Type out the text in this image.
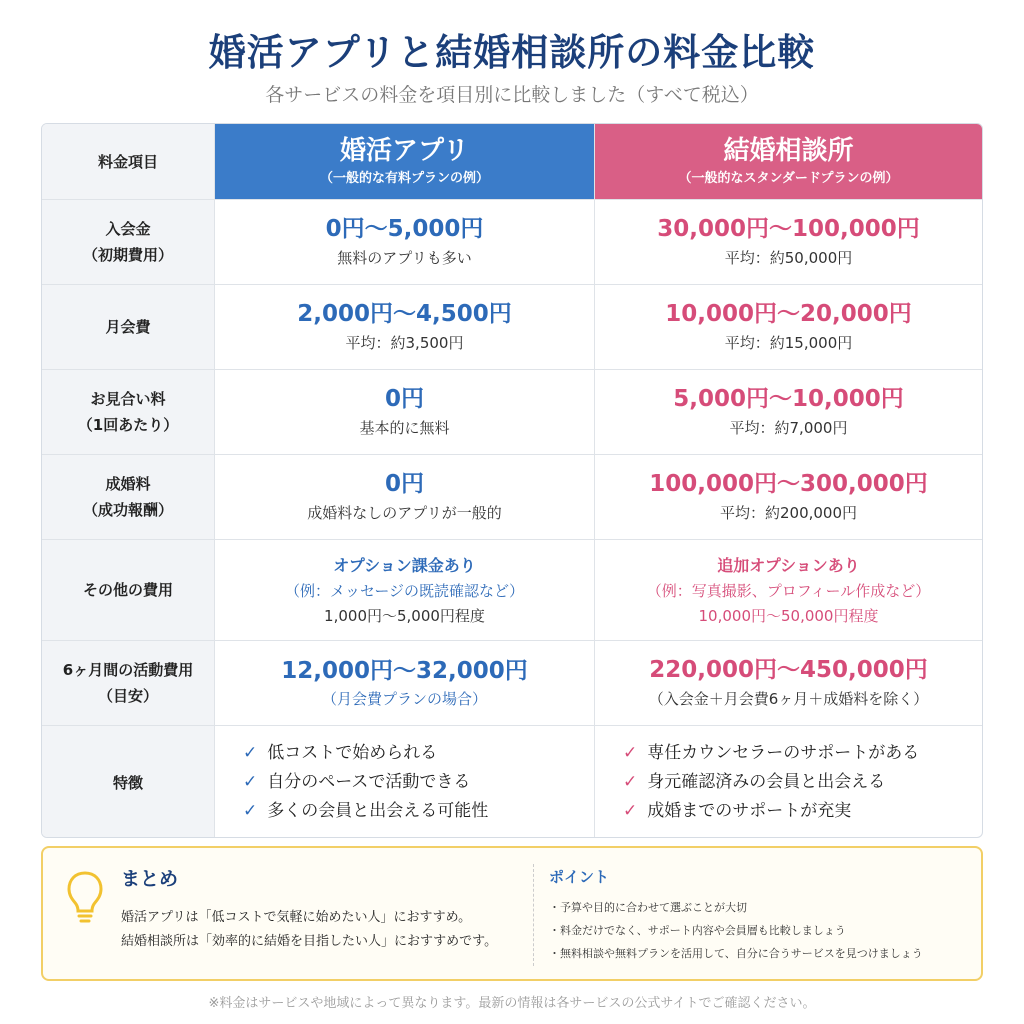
婚活アプリと結婚相談所の料金比較
各サービスの料金を項目別に比較しました（すべて税込）
料金項目	婚活アプリ
（一般的な有料プランの例）
結婚相談所
（一般的なスタンダードプランの例）
入会金
（初期費用）
0円～5,000円
無料のアプリも多い
30,000円～100,000円
平均：約50,000円
月会費	2,000円～4,500円
平均：約3,500円
10,000円～20,000円
平均：約15,000円
お見合い料
（1回あたり）
0円
基本的に無料
5,000円～10,000円
平均：約7,000円
成婚料
（成功報酬）
0円
成婚料なしのアプリが一般的
100,000円～300,000円
平均：約200,000円
その他の費用
オプション課金あり
（例：メッセージの既読確認など）
1,000円～5,000円程度
追加オプションあり
（例：写真撮影、プロフィール作成など）
10,000円～50,000円程度
6ヶ月間の活動費用
（目安）
12,000円～32,000円
（月会費プランの場合）
220,000円～450,000円
（入会金＋月会費6ヶ月＋成婚料を除く）
特徴
✓ 低コストで始められる
✓ 自分のペースで活動できる
✓ 多くの会員と出会える可能性
✓ 専任カウンセラーのサポートがある
✓ 身元確認済みの会員と出会える
✓ 成婚までのサポートが充実
まとめ
婚活アプリは「低コストで気軽に始めたい人」におすすめ。
結婚相談所は「効率的に結婚を目指したい人」におすすめです。
ポイント
・予算や目的に合わせて選ぶことが大切
・料金だけでなく、サポート内容や会員層も比較しましょう
・無料相談や無料プランを活用して、自分に合うサービスを見つけましょう
※料金はサービスや地域によって異なります。最新の情報は各サービスの公式サイトでご確認ください。
